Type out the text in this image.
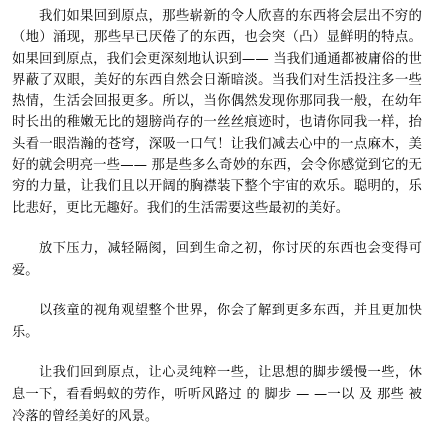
我们如果回到原点，那些崭新的令人欣喜的东西将会层出不穷的（地）涌现，那些早已厌倦了的东西，也会突（凸）显鲜明的特点。如果回到原点，我们会更深刻地认识到—— 当我们通通都被庸俗的世界蔽了双眼，美好的东西自然会日渐暗淡。当我们对生活投注多一些热情，生活会回报更多。所以，当你偶然发现你那同我一般，在幼年时长出的稚嫩无比的翅膀尚存的一丝丝痕迹时，也请你同我一样，抬头看一眼浩瀚的苍穹，深吸一口气！让我们减去心中的一点麻木，美好的就会明亮一些—— 那是些多么奇妙的东西，会令你感觉到它的无穷的力量，让我们且以开阔的胸襟装下整个宇宙的欢乐。聪明的，乐比悲好，更比无趣好。我们的生活需要这些最初的美好。

放下压力，减轻隔阂，回到生命之初，你讨厌的东西也会变得可爱。

以孩童的视角观望整个世界，你会了解到更多东西，并且更加快乐。

让我们回到原点，让心灵纯粹一些，让思想的脚步缓慢一些，休息一下，看看蚂蚁的劳作，听听风路过 的 脚步 — —一以 及 那些 被 冷落的曾经美好的风景。
